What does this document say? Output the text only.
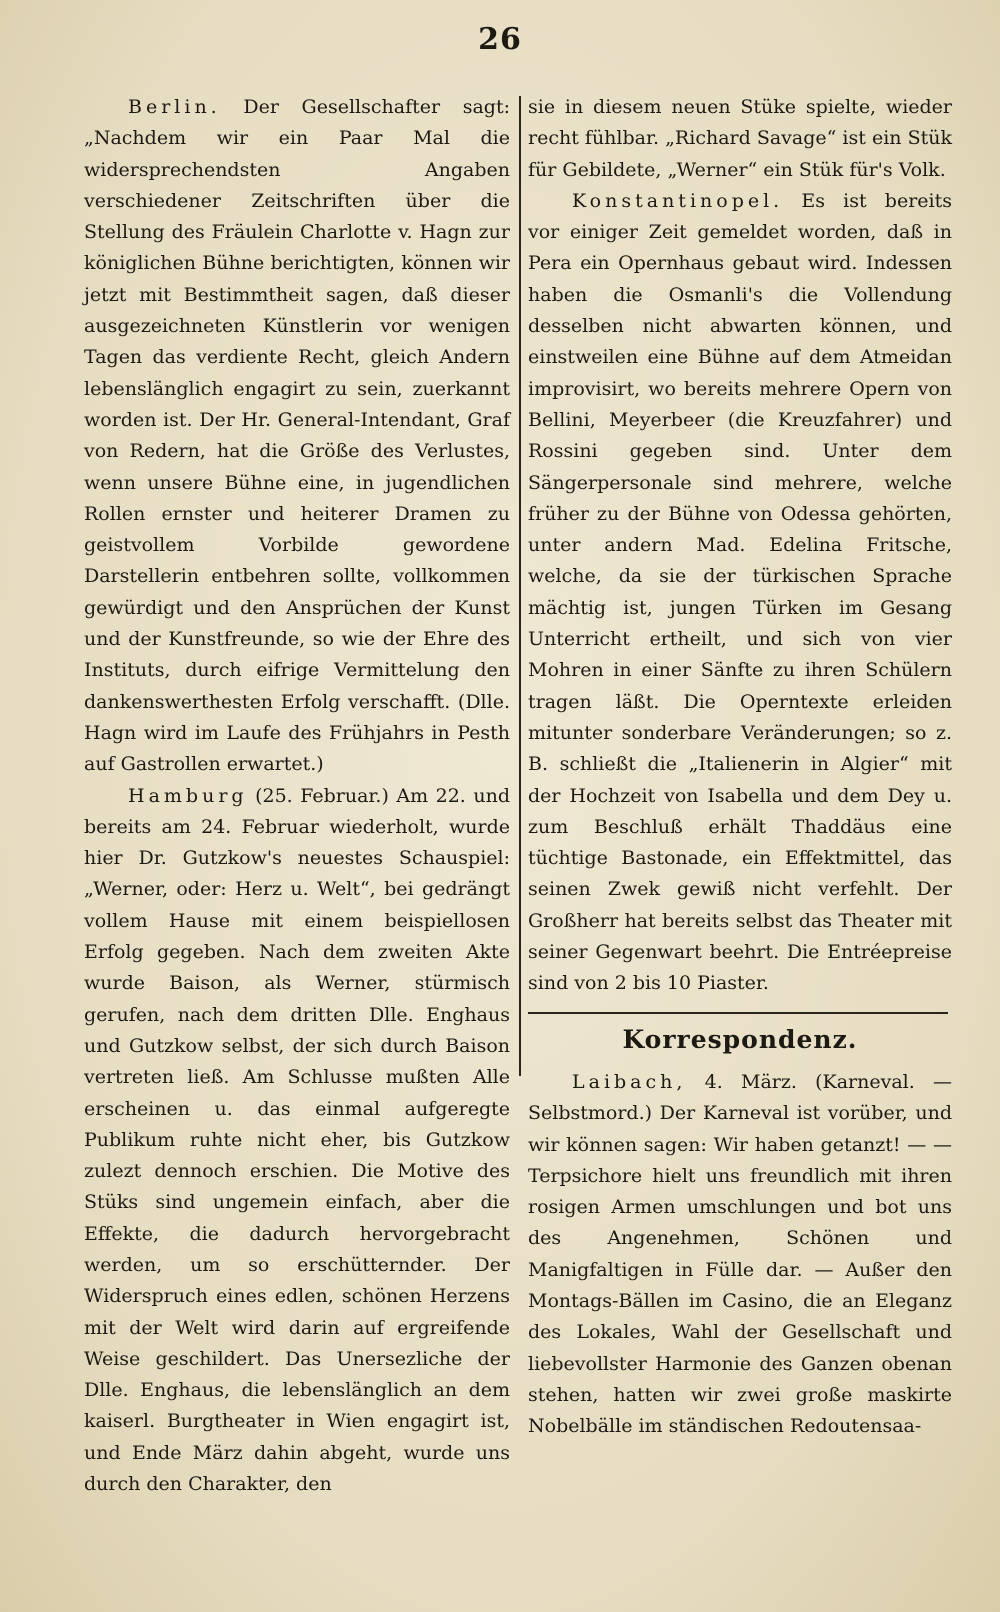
26

Berlin. Der Gesellschafter sagt: „Nachdem wir ein Paar Mal die widersprechendsten Angaben verschiedener Zeitschriften über die Stellung des Fräulein Charlotte v. Hagn zur königlichen Bühne berichtigten, können wir jetzt mit Bestimmtheit sagen, daß dieser ausgezeichneten Künstlerin vor wenigen Tagen das verdiente Recht, gleich Andern lebenslänglich engagirt zu sein, zuerkannt worden ist. Der Hr. General-Intendant, Graf von Redern, hat die Größe des Verlustes, wenn unsere Bühne eine, in jugendlichen Rollen ernster und heiterer Dramen zu geistvollem Vorbilde gewordene Darstellerin entbehren sollte, vollkommen gewürdigt und den Ansprüchen der Kunst und der Kunstfreunde, so wie der Ehre des Instituts, durch eifrige Vermittelung den dankenswerthesten Erfolg verschafft. (Dlle. Hagn wird im Laufe des Frühjahrs in Pesth auf Gastrollen erwartet.)

Hamburg (25. Februar.) Am 22. und bereits am 24. Februar wiederholt, wurde hier Dr. Gutzkow's neuestes Schauspiel: „Werner, oder: Herz u. Welt“, bei gedrängt vollem Hause mit einem beispiellosen Erfolg gegeben. Nach dem zweiten Akte wurde Baison, als Werner, stürmisch gerufen, nach dem dritten Dlle. Enghaus und Gutzkow selbst, der sich durch Baison vertreten ließ. Am Schlusse mußten Alle erscheinen u. das einmal aufgeregte Publikum ruhte nicht eher, bis Gutzkow zulezt dennoch erschien. Die Motive des Stüks sind ungemein einfach, aber die Effekte, die dadurch hervorgebracht werden, um so erschütternder. Der Widerspruch eines edlen, schönen Herzens mit der Welt wird darin auf ergreifende Weise geschildert. Das Unersezliche der Dlle. Enghaus, die lebenslänglich an dem kaiserl. Burgtheater in Wien engagirt ist, und Ende März dahin abgeht, wurde uns durch den Charakter, den

sie in diesem neuen Stüke spielte, wieder recht fühlbar. „Richard Savage“ ist ein Stük für Gebildete, „Werner“ ein Stük für's Volk.

Konstantinopel. Es ist bereits vor einiger Zeit gemeldet worden, daß in Pera ein Opernhaus gebaut wird. Indessen haben die Osmanli's die Vollendung desselben nicht abwarten können, und einstweilen eine Bühne auf dem Atmeidan improvisirt, wo bereits mehrere Opern von Bellini, Meyerbeer (die Kreuzfahrer) und Rossini gegeben sind. Unter dem Sängerpersonale sind mehrere, welche früher zu der Bühne von Odessa gehörten, unter andern Mad. Edelina Fritsche, welche, da sie der türkischen Sprache mächtig ist, jungen Türken im Gesang Unterricht ertheilt, und sich von vier Mohren in einer Sänfte zu ihren Schülern tragen läßt. Die Operntexte erleiden mitunter sonderbare Veränderungen; so z. B. schließt die „Italienerin in Algier“ mit der Hochzeit von Isabella und dem Dey u. zum Beschluß erhält Thaddäus eine tüchtige Bastonade, ein Effektmittel, das seinen Zwek gewiß nicht verfehlt. Der Großherr hat bereits selbst das Theater mit seiner Gegenwart beehrt. Die Entréepreise sind von 2 bis 10 Piaster.

Korrespondenz.

Laibach, 4. März. (Karneval. — Selbstmord.) Der Karneval ist vorüber, und wir können sagen: Wir haben getanzt! — — Terpsichore hielt uns freundlich mit ihren rosigen Armen umschlungen und bot uns des Angenehmen, Schönen und Manigfaltigen in Fülle dar. — Außer den Montags-Bällen im Casino, die an Eleganz des Lokales, Wahl der Gesellschaft und liebevollster Harmonie des Ganzen obenan stehen, hatten wir zwei große maskirte Nobelbälle im ständischen Redoutensaa-
